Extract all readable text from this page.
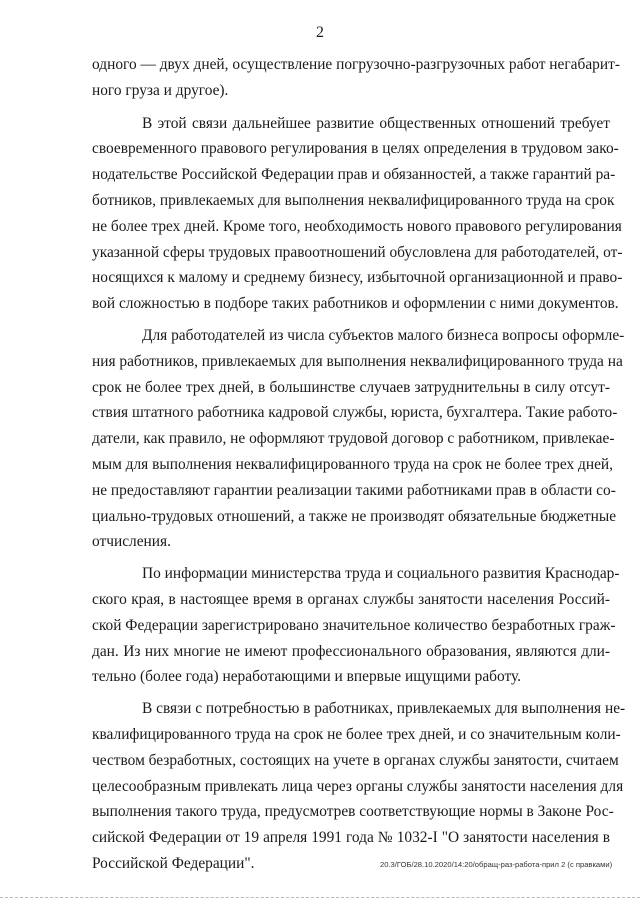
2
одного — двух дней, осуществление погрузочно-разгрузочных работ негабарит-
ного груза и другое).
В этой связи дальнейшее развитие общественных отношений требует
своевременного правового регулирования в целях определения в трудовом зако-
нодательстве Российской Федерации прав и обязанностей, а также гарантий ра-
ботников, привлекаемых для выполнения неквалифицированного труда на срок
не более трех дней. Кроме того, необходимость нового правового регулирования
указанной сферы трудовых правоотношений обусловлена для работодателей, от-
носящихся к малому и среднему бизнесу, избыточной организационной и право-
вой сложностью в подборе таких работников и оформлении с ними документов.
Для работодателей из числа субъектов малого бизнеса вопросы оформле-
ния работников, привлекаемых для выполнения неквалифицированного труда на
срок не более трех дней, в большинстве случаев затруднительны в силу отсут-
ствия штатного работника кадровой службы, юриста, бухгалтера. Такие работо-
датели, как правило, не оформляют трудовой договор с работником, привлекае-
мым для выполнения неквалифицированного труда на срок не более трех дней,
не предоставляют гарантии реализации такими работниками прав в области со-
циально-трудовых отношений, а также не производят обязательные бюджетные
отчисления.
По информации министерства труда и социального развития Краснодар-
ского края, в настоящее время в органах службы занятости населения Россий-
ской Федерации зарегистрировано значительное количество безработных граж-
дан. Из них многие не имеют профессионального образования, являются дли-
тельно (более года) неработающими и впервые ищущими работу.
В связи с потребностью в работниках, привлекаемых для выполнения не-
квалифицированного труда на срок не более трех дней, и со значительным коли-
чеством безработных, состоящих на учете в органах службы занятости, считаем
целесообразным привлекать лица через органы службы занятости населения для
выполнения такого труда, предусмотрев соответствующие нормы в Законе Рос-
сийской Федерации от 19 апреля 1991 года № 1032-I "О занятости населения в
Российской Федерации".	20.3/ГОБ/28.10.2020/14:20/обращ-раз-работа-прил 2 (с правками)
